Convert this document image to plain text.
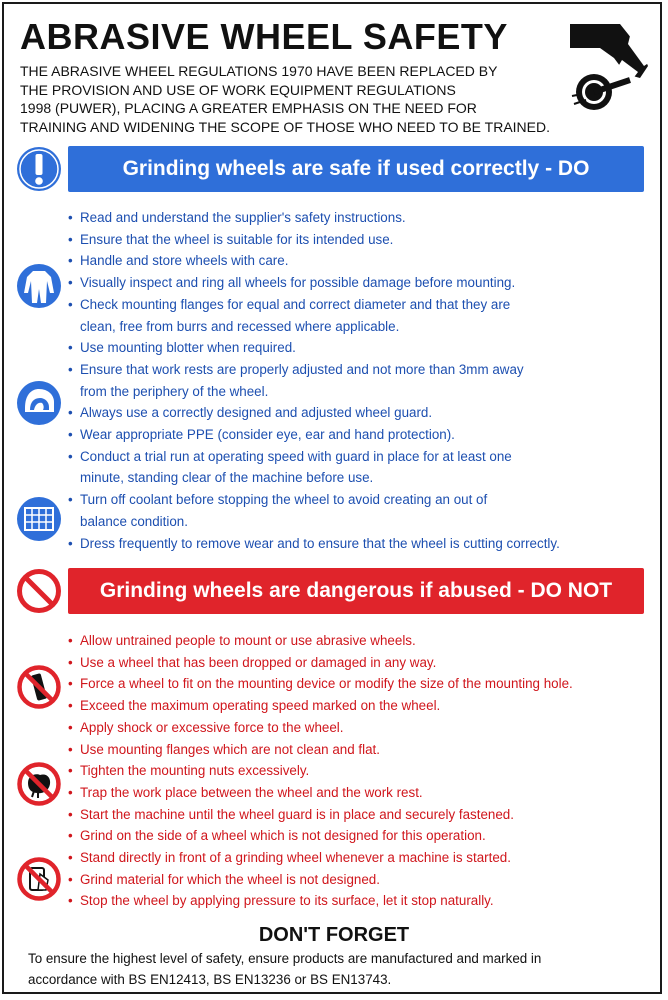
ABRASIVE WHEEL SAFETY
THE ABRASIVE WHEEL REGULATIONS 1970 HAVE BEEN REPLACED BY
THE PROVISION AND USE OF WORK EQUIPMENT REGULATIONS
1998 (PUWER), PLACING A GREATER EMPHASIS ON THE NEED FOR
TRAINING AND WIDENING THE SCOPE OF THOSE WHO NEED TO BE TRAINED.
Grinding wheels are safe if used correctly - DO
• Read and understand the supplier's safety instructions.
• Ensure that the wheel is suitable for its intended use.
• Handle and store wheels with care.
• Visually inspect and ring all wheels for possible damage before mounting.
• Check mounting flanges for equal and correct diameter and that they are
clean, free from burrs and recessed where applicable.
• Use mounting blotter when required.
• Ensure that work rests are properly adjusted and not more than 3mm away
from the periphery of the wheel.
• Always use a correctly designed and adjusted wheel guard.
• Wear appropriate PPE (consider eye, ear and hand protection).
• Conduct a trial run at operating speed with guard in place for at least one
minute, standing clear of the machine before use.
• Turn off coolant before stopping the wheel to avoid creating an out of
balance condition.
• Dress frequently to remove wear and to ensure that the wheel is cutting correctly.
Grinding wheels are dangerous if abused - DO NOT
• Allow untrained people to mount or use abrasive wheels.
• Use a wheel that has been dropped or damaged in any way.
• Force a wheel to fit on the mounting device or modify the size of the mounting hole.
• Exceed the maximum operating speed marked on the wheel.
• Apply shock or excessive force to the wheel.
• Use mounting flanges which are not clean and flat.
• Tighten the mounting nuts excessively.
• Trap the work place between the wheel and the work rest.
• Start the machine until the wheel guard is in place and securely fastened.
• Grind on the side of a wheel which is not designed for this operation.
• Stand directly in front of a grinding wheel whenever a machine is started.
• Grind material for which the wheel is not designed.
• Stop the wheel by applying pressure to its surface, let it stop naturally.
DON'T FORGET
To ensure the highest level of safety, ensure products are manufactured and marked in
accordance with BS EN12413, BS EN13236 or BS EN13743.
